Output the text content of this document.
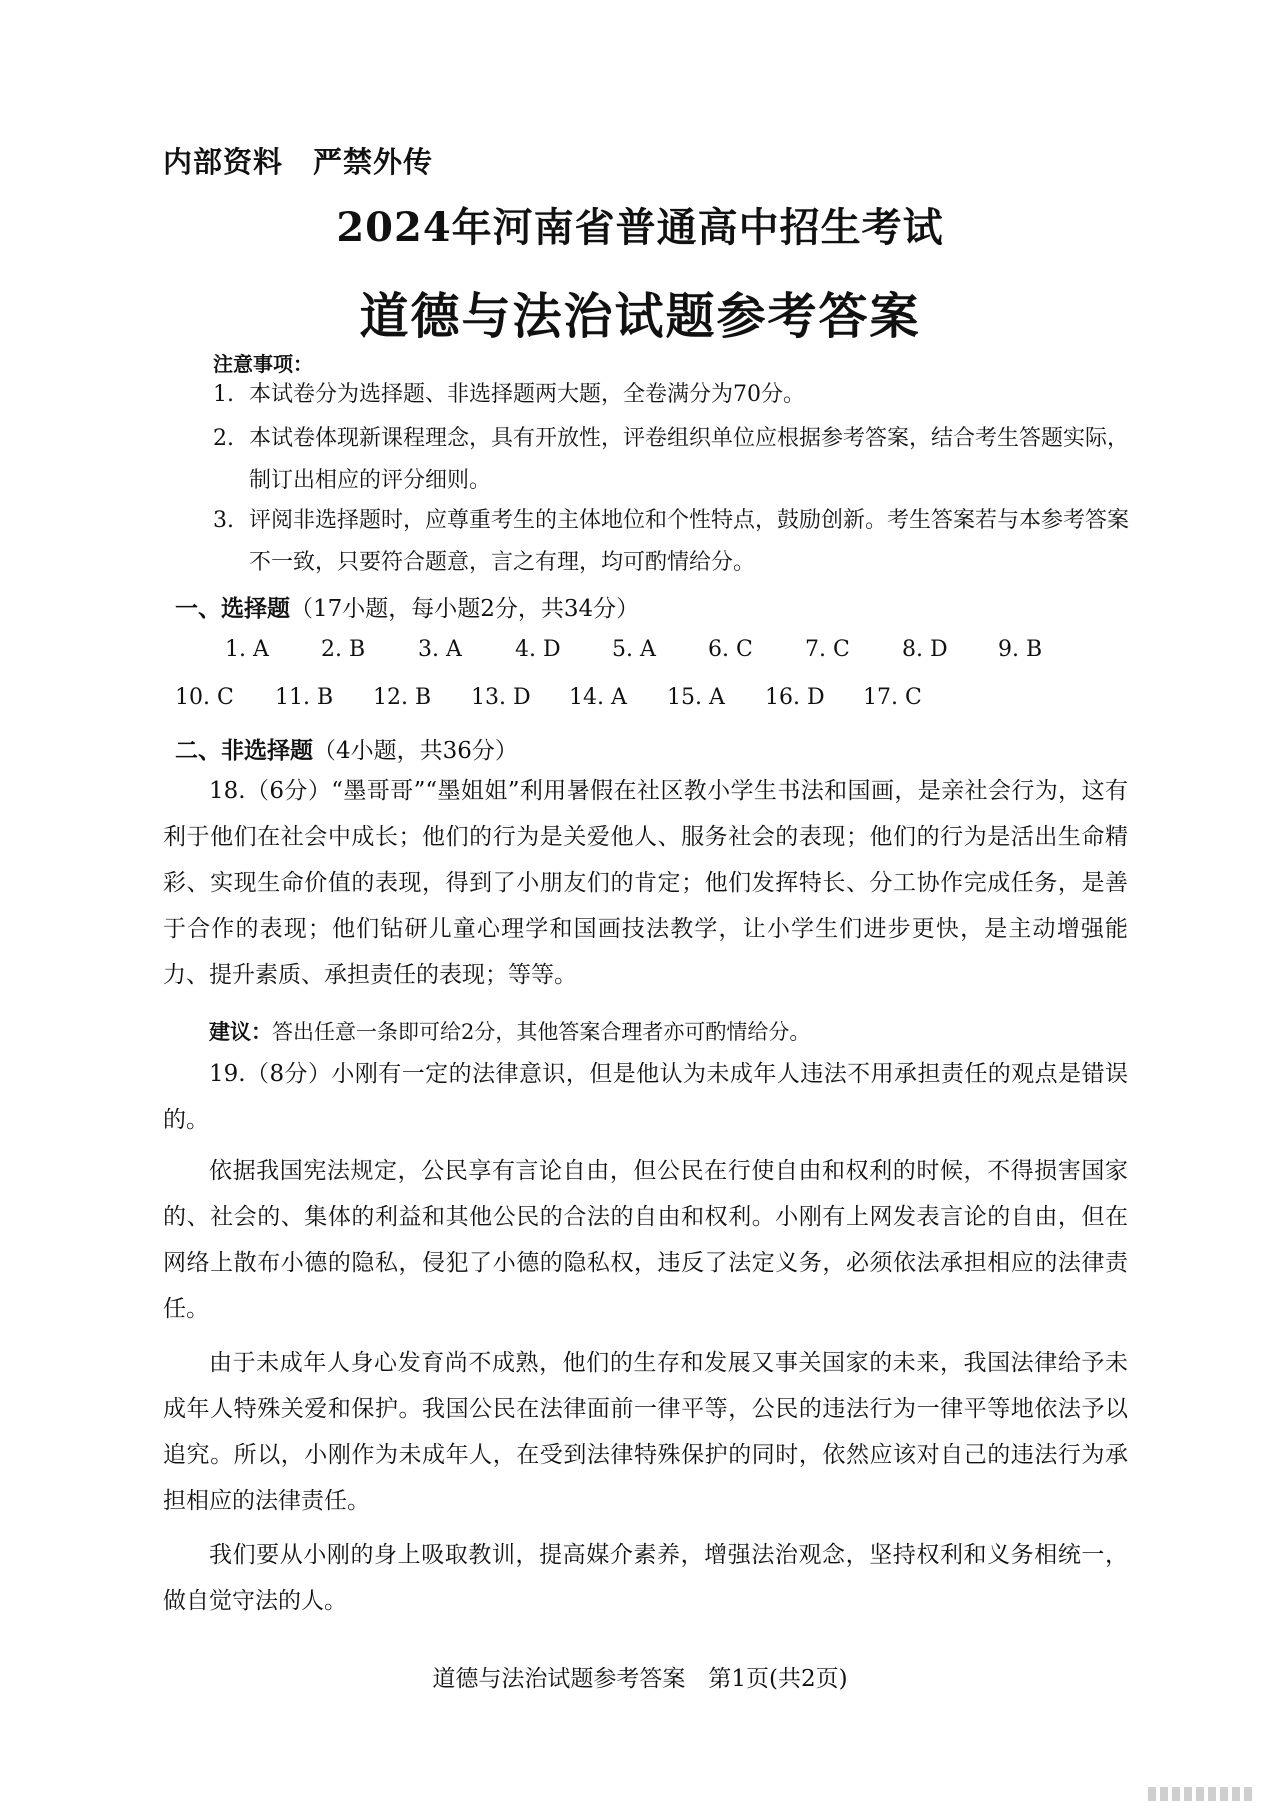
内部资料 严禁外传
2024年河南省普通高中招生考试
道德与法治试题参考答案
注意事项：
1. 本试卷分为选择题、非选择题两大题，全卷满分为70分。
2. 本试卷体现新课程理念，具有开放性，评卷组织单位应根据参考答案，结合考生答题实际，制订出相应的评分细则。
3. 评阅非选择题时，应尊重考生的主体地位和个性特点，鼓励创新。考生答案若与本参考答案不一致，只要符合题意，言之有理，均可酌情给分。
一、选择题（17小题，每小题2分，共34分）
1. A 2. B 3. A 4. D 5. A 6. C 7. C 8. D 9. B
10. C 11. B 12. B 13. D 14. A 15. A 16. D 17. C
二、非选择题（4小题，共36分）
18.（6分）“墨哥哥”“墨姐姐”利用暑假在社区教小学生书法和国画，是亲社会行为，这有利于他们在社会中成长；他们的行为是关爱他人、服务社会的表现；他们的行为是活出生命精彩、实现生命价值的表现，得到了小朋友们的肯定；他们发挥特长、分工协作完成任务，是善于合作的表现；他们钻研儿童心理学和国画技法教学，让小学生们进步更快，是主动增强能力、提升素质、承担责任的表现；等等。
建议：答出任意一条即可给2分，其他答案合理者亦可酌情给分。
19.（8分）小刚有一定的法律意识，但是他认为未成年人违法不用承担责任的观点是错误的。
依据我国宪法规定，公民享有言论自由，但公民在行使自由和权利的时候，不得损害国家的、社会的、集体的利益和其他公民的合法的自由和权利。小刚有上网发表言论的自由，但在网络上散布小德的隐私，侵犯了小德的隐私权，违反了法定义务，必须依法承担相应的法律责任。
由于未成年人身心发育尚不成熟，他们的生存和发展又事关国家的未来，我国法律给予未成年人特殊关爱和保护。我国公民在法律面前一律平等，公民的违法行为一律平等地依法予以追究。所以，小刚作为未成年人，在受到法律特殊保护的同时，依然应该对自己的违法行为承担相应的法律责任。
我们要从小刚的身上吸取教训，提高媒介素养，增强法治观念，坚持权利和义务相统一，做自觉守法的人。
道德与法治试题参考答案　第1页(共2页)
